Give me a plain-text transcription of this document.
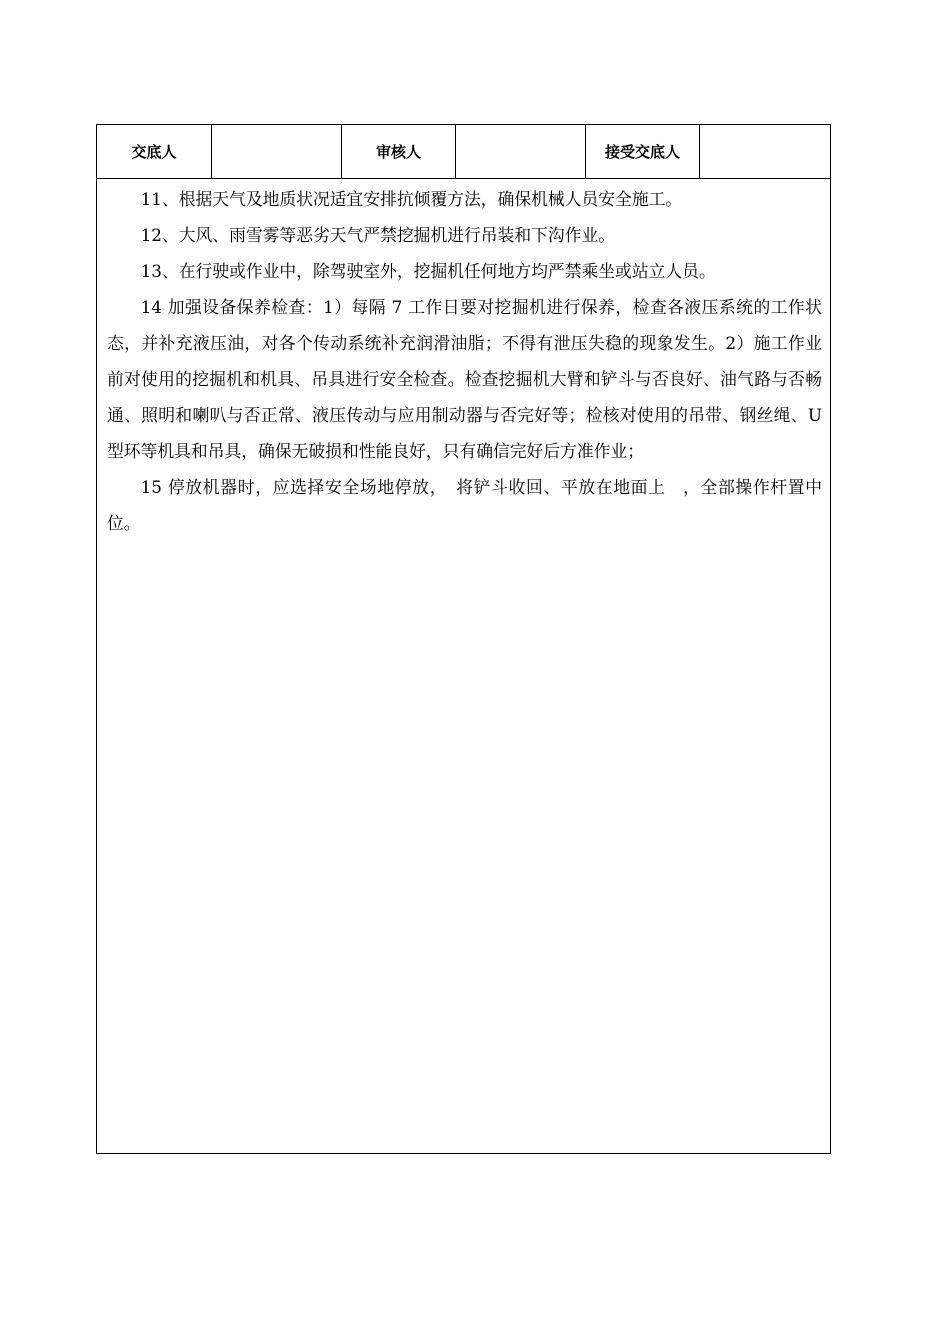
交底人	审核人	接受交底人

11、根据天气及地质状况适宜安排抗倾覆方法，确保机械人员安全施工。

12、大风、雨雪雾等恶劣天气严禁挖掘机进行吊装和下沟作业。

13、在行驶或作业中，除驾驶室外，挖掘机任何地方均严禁乘坐或站立人员。

14 加强设备保养检查：1）每隔 7 工作日要对挖掘机进行保养，检查各液压系统的工作状态，并补充液压油，对各个传动系统补充润滑油脂；不得有泄压失稳的现象发生。2）施工作业前对使用的挖掘机和机具、吊具进行安全检查。检查挖掘机大臂和铲斗与否良好、油气路与否畅通、照明和喇叭与否正常、液压传动与应用制动器与否完好等；检核对使用的吊带、钢丝绳、U 型环等机具和吊具，确保无破损和性能良好，只有确信完好后方准作业；

15 停放机器时，应选择安全场地停放，　将铲斗收回、平放在地面上　，全部操作杆置中位。
